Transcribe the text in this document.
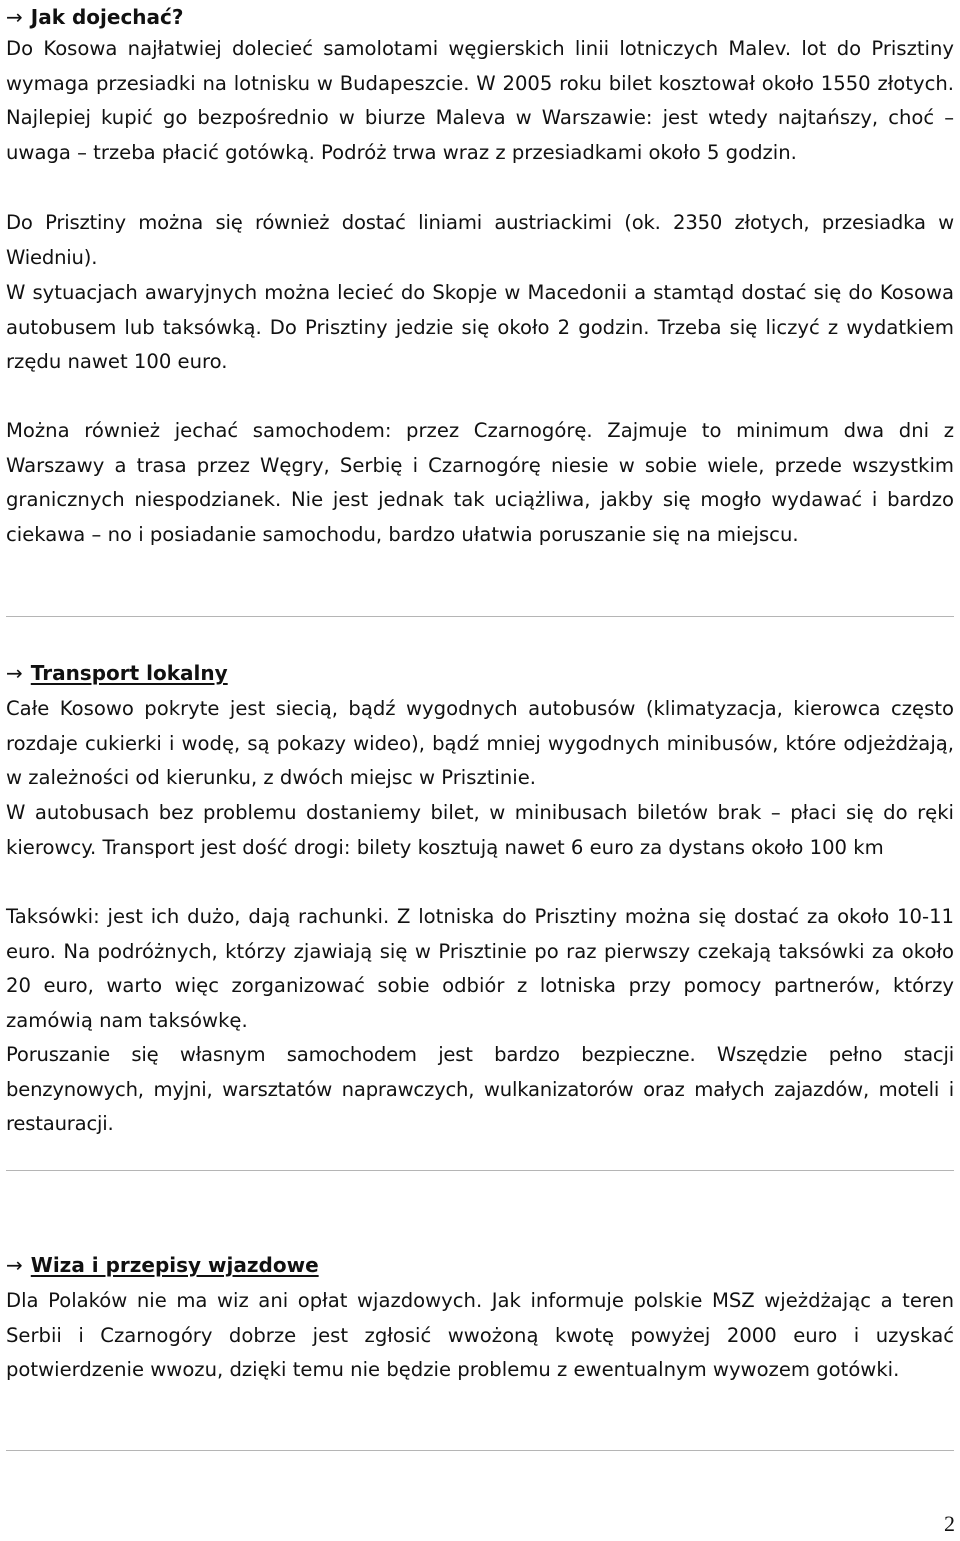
→ Jak dojechać?

Do Kosowa najłatwiej dolecieć samolotami węgierskich linii lotniczych Malev. lot do Prisztiny wymaga przesiadki na lotnisku w Budapeszcie. W 2005 roku bilet kosztował około 1550 złotych. Najlepiej kupić go bezpośrednio w biurze Maleva w Warszawie: jest wtedy najtańszy, choć – uwaga – trzeba płacić gotówką. Podróż trwa wraz z przesiadkami około 5 godzin.

Do Prisztiny można się również dostać liniami austriackimi (ok. 2350 złotych, przesiadka w Wiedniu).

W sytuacjach awaryjnych można lecieć do Skopje w Macedonii a stamtąd dostać się do Kosowa autobusem lub taksówką. Do Prisztiny jedzie się około 2 godzin. Trzeba się liczyć z wydatkiem rzędu nawet 100 euro.

Można również jechać samochodem: przez Czarnogórę. Zajmuje to minimum dwa dni z Warszawy a trasa przez Węgry, Serbię i Czarnogórę niesie w sobie wiele, przede wszystkim granicznych niespodzianek. Nie jest jednak tak uciążliwa, jakby się mogło wydawać i bardzo ciekawa – no i posiadanie samochodu, bardzo ułatwia poruszanie się na miejscu.

→ Transport lokalny

Całe Kosowo pokryte jest siecią, bądź wygodnych autobusów (klimatyzacja, kierowca często rozdaje cukierki i wodę, są pokazy wideo), bądź mniej wygodnych minibusów, które odjeżdżają, w zależności od kierunku, z dwóch miejsc w Prisztinie.

W autobusach bez problemu dostaniemy bilet, w minibusach biletów brak – płaci się do ręki kierowcy. Transport jest dość drogi: bilety kosztują nawet 6 euro za dystans około 100 km

Taksówki: jest ich dużo, dają rachunki. Z lotniska do Prisztiny można się dostać za około 10-11 euro. Na podróżnych, którzy zjawiają się w Prisztinie po raz pierwszy czekają taksówki za około 20 euro, warto więc zorganizować sobie odbiór z lotniska przy pomocy partnerów, którzy zamówią nam taksówkę.

Poruszanie się własnym samochodem jest bardzo bezpieczne. Wszędzie pełno stacji benzynowych, myjni, warsztatów naprawczych, wulkanizatorów oraz małych zajazdów, moteli i restauracji.

→ Wiza i przepisy wjazdowe

Dla Polaków nie ma wiz ani opłat wjazdowych. Jak informuje polskie MSZ wjeżdżając a teren Serbii i Czarnogóry dobrze jest zgłosić wwożoną kwotę powyżej 2000 euro i uzyskać potwierdzenie wwozu, dzięki temu nie będzie problemu z ewentualnym wywozem gotówki.

2
